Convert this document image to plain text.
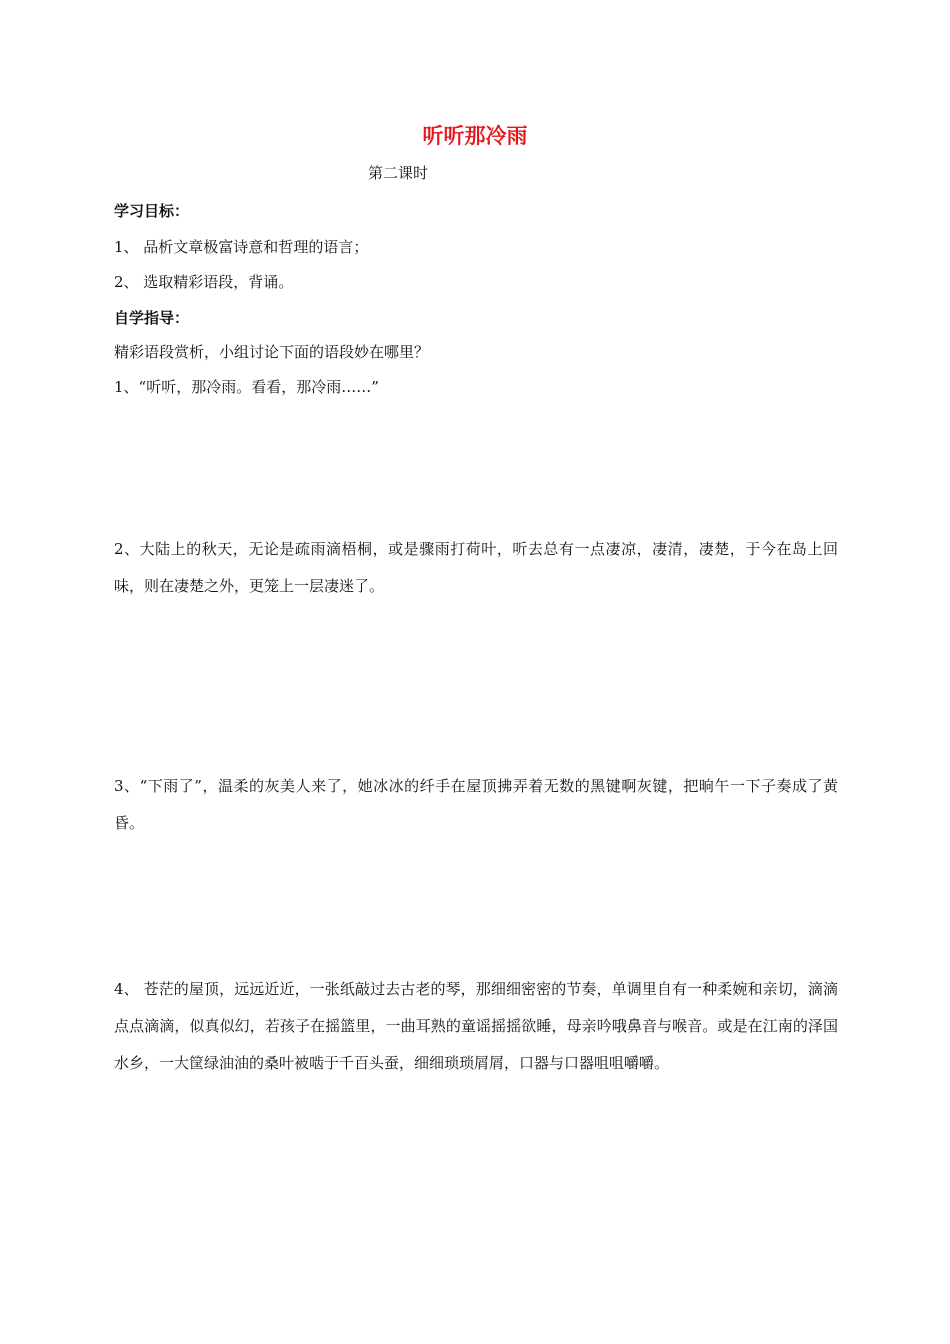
听听那冷雨
第二课时
学习目标：
1、 品析文章极富诗意和哲理的语言；
2、 选取精彩语段，背诵。
自学指导：
精彩语段赏析，小组讨论下面的语段妙在哪里？
1、“听听，那冷雨。看看，那冷雨……”
2、大陆上的秋天，无论是疏雨滴梧桐，或是骤雨打荷叶，听去总有一点凄凉，凄清，凄楚，于今在岛上回味，则在凄楚之外，更笼上一层凄迷了。
3、“下雨了”，温柔的灰美人来了，她冰冰的纤手在屋顶拂弄着无数的黑键啊灰键，把晌午一下子奏成了黄昏。
4、 苍茫的屋顶，远远近近，一张纸敲过去古老的琴，那细细密密的节奏，单调里自有一种柔婉和亲切，滴滴点点滴滴，似真似幻，若孩子在摇篮里，一曲耳熟的童谣摇摇欲睡，母亲吟哦鼻音与喉音。或是在江南的泽国水乡，一大筐绿油油的桑叶被啮于千百头蚕，细细琐琐屑屑，口器与口器咀咀嚼嚼。
